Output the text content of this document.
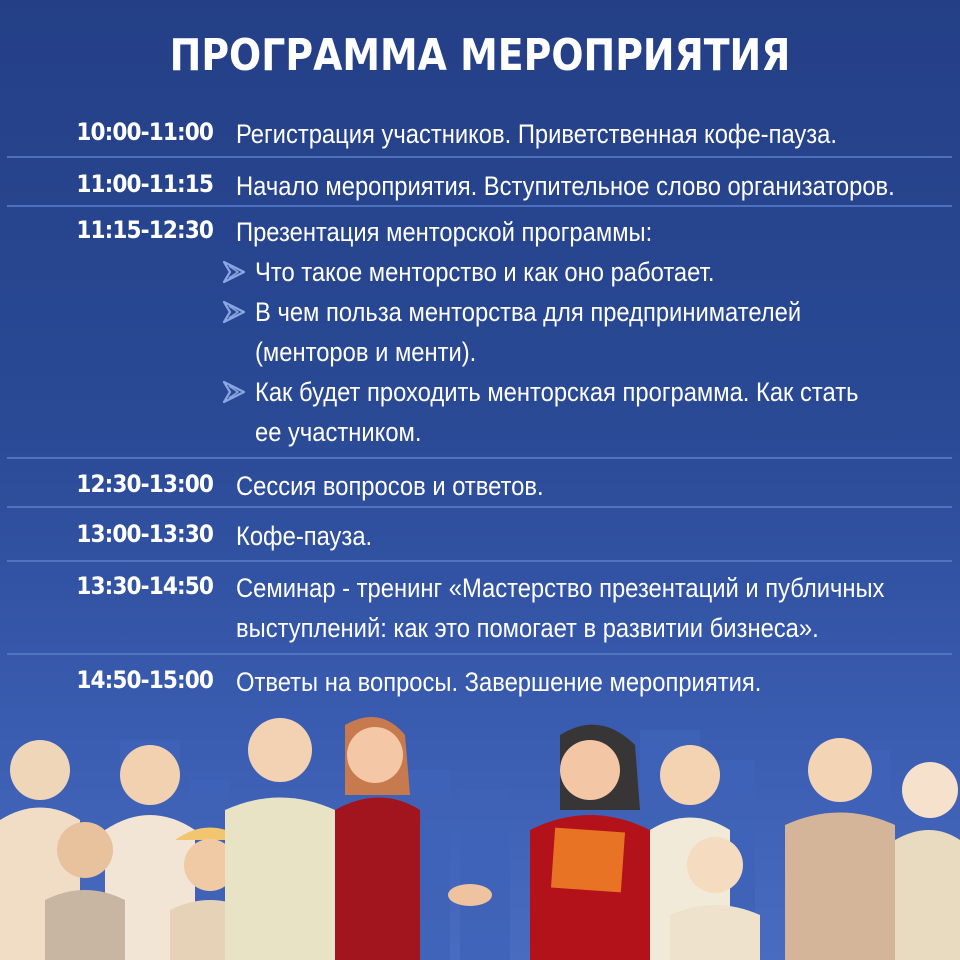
ПРОГРАММА МЕРОПРИЯТИЯ
10:00-11:00 Регистрация участников. Приветственная кофе-пауза.
11:00-11:15 Начало мероприятия. Вступительное слово организаторов.
11:15-12:30 Презентация менторской программы:
Что такое менторство и как оно работает.
В чем польза менторства для предпринимателей
(менторов и менти).
Как будет проходить менторская программа. Как стать
ее участником.
12:30-13:00 Сессия вопросов и ответов.
13:00-13:30 Кофе-пауза.
13:30-14:50 Семинар - тренинг «Мастерство презентаций и публичных
выступлений: как это помогает в развитии бизнеса».
14:50-15:00 Ответы на вопросы. Завершение мероприятия.
